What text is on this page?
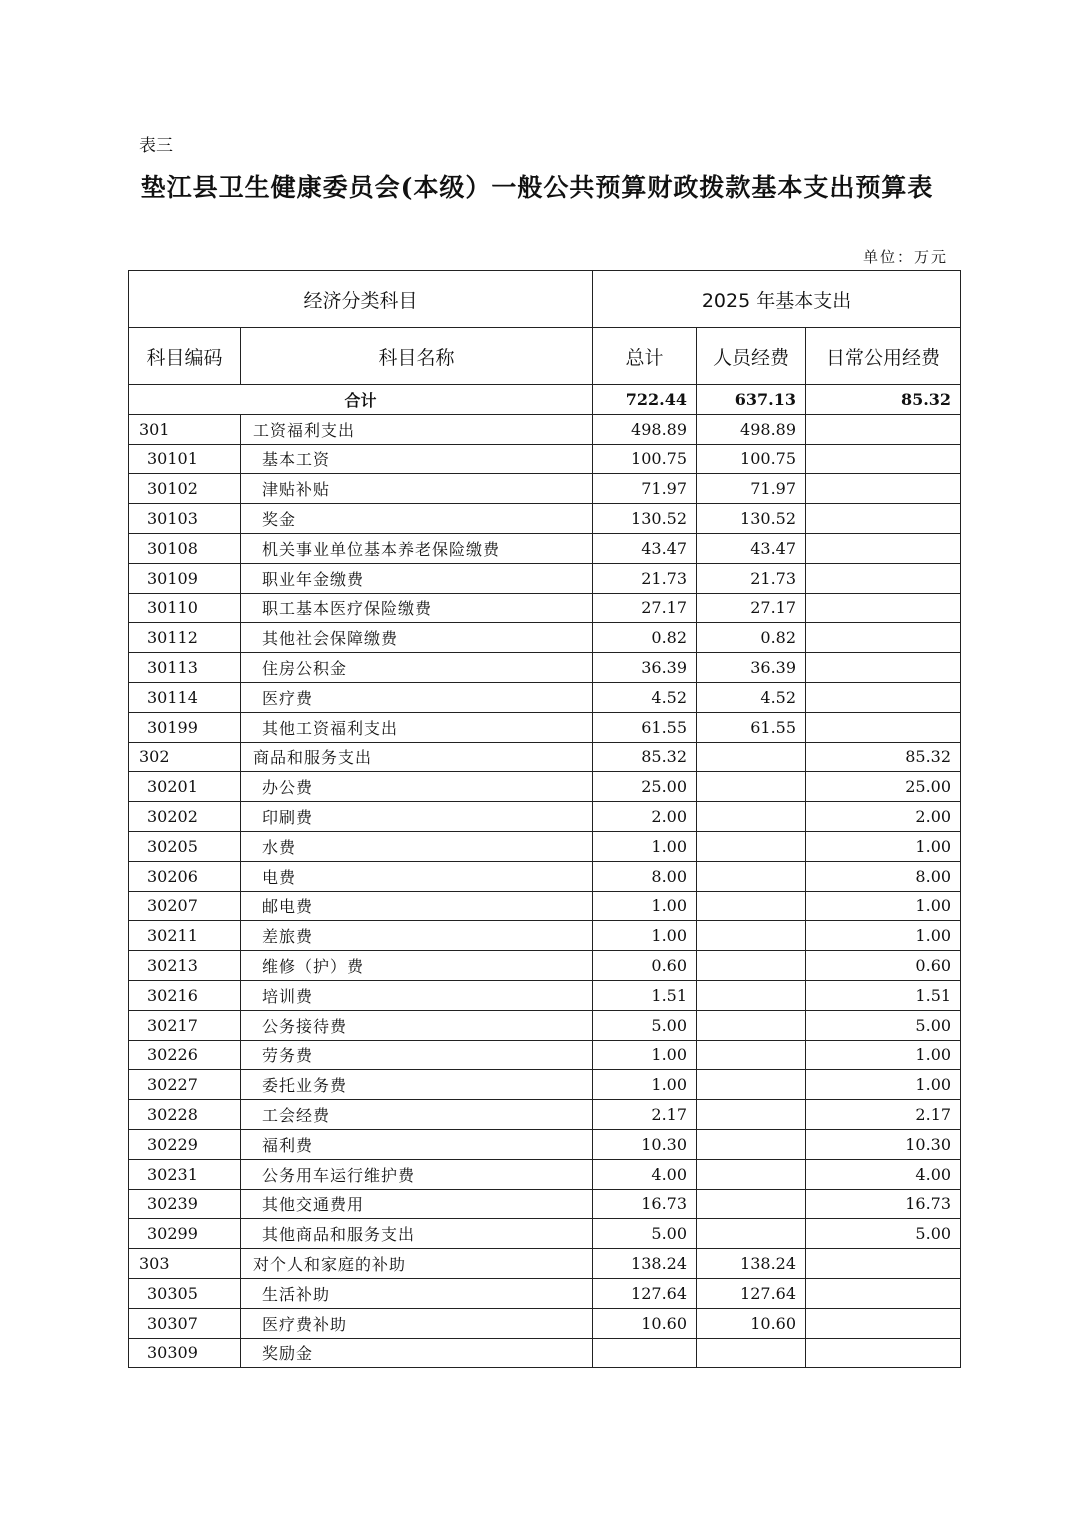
表三
垫江县卫生健康委员会(本级）一般公共预算财政拨款基本支出预算表
单位：万元
经济分类科目		2025 年基本支出		
科目编码	科目名称	总计	人员经费	日常公用经费
合计		722.44	637.13	85.32
301	工资福利支出	498.89	498.89	
30101	基本工资	100.75	100.75	
30102	津贴补贴	71.97	71.97	
30103	奖金	130.52	130.52	
30108	机关事业单位基本养老保险缴费	43.47	43.47	
30109	职业年金缴费	21.73	21.73	
30110	职工基本医疗保险缴费	27.17	27.17	
30112	其他社会保障缴费	0.82	0.82	
30113	住房公积金	36.39	36.39	
30114	医疗费	4.52	4.52	
30199	其他工资福利支出	61.55	61.55	
302	商品和服务支出	85.32		85.32
30201	办公费	25.00		25.00
30202	印刷费	2.00		2.00
30205	水费	1.00		1.00
30206	电费	8.00		8.00
30207	邮电费	1.00		1.00
30211	差旅费	1.00		1.00
30213	维修（护）费	0.60		0.60
30216	培训费	1.51		1.51
30217	公务接待费	5.00		5.00
30226	劳务费	1.00		1.00
30227	委托业务费	1.00		1.00
30228	工会经费	2.17		2.17
30229	福利费	10.30		10.30
30231	公务用车运行维护费	4.00		4.00
30239	其他交通费用	16.73		16.73
30299	其他商品和服务支出	5.00		5.00
303	对个人和家庭的补助	138.24	138.24	
30305	生活补助	127.64	127.64	
30307	医疗费补助	10.60	10.60	
30309	奖励金			
